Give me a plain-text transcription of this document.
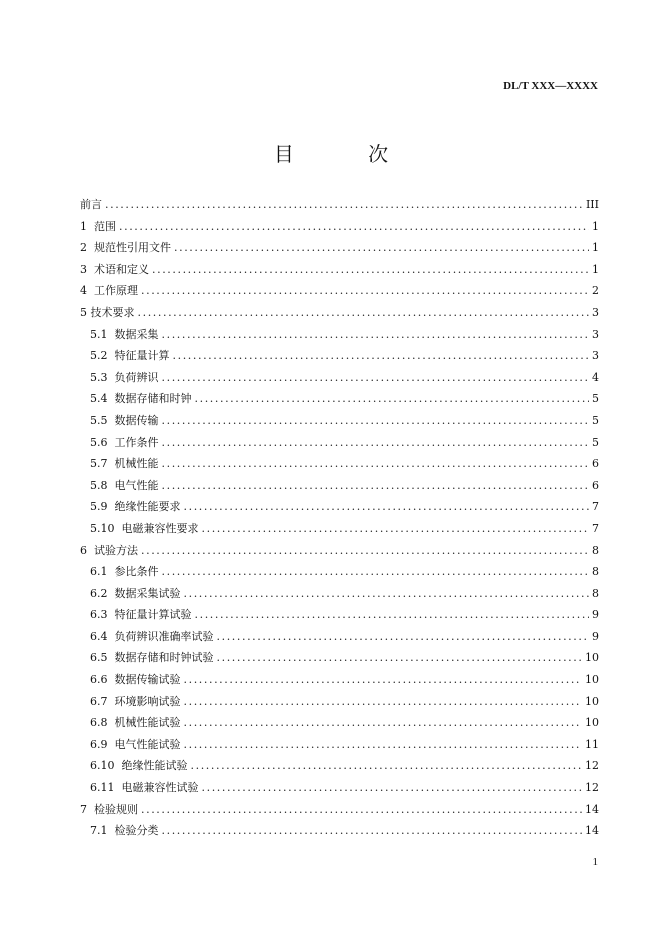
DL/T XXX—XXXX
目 次
前言 .....	III
1 范围 .....	1
2 规范性引用文件 .....	1
3 术语和定义 .....	1
4 工作原理 .....	2
5 技术要求 .....	3
5.1 数据采集 .....	3
5.2 特征量计算 .....	3
5.3 负荷辨识 .....	4
5.4 数据存储和时钟 .....	5
5.5 数据传输 .....	5
5.6 工作条件 .....	5
5.7 机械性能 .....	6
5.8 电气性能 .....	6
5.9 绝缘性能要求 .....	7
5.10 电磁兼容性要求 .....	7
6 试验方法 .....	8
6.1 参比条件 .....	8
6.2 数据采集试验 .....	8
6.3 特征量计算试验 .....	9
6.4 负荷辨识准确率试验 .....	9
6.5 数据存储和时钟试验 .....	10
6.6 数据传输试验 .....	10
6.7 环境影响试验 .....	10
6.8 机械性能试验 .....	10
6.9 电气性能试验 .....	11
6.10 绝缘性能试验 .....	12
6.11 电磁兼容性试验 .....	12
7 检验规则 .....	14
7.1 检验分类 .....	14
1
